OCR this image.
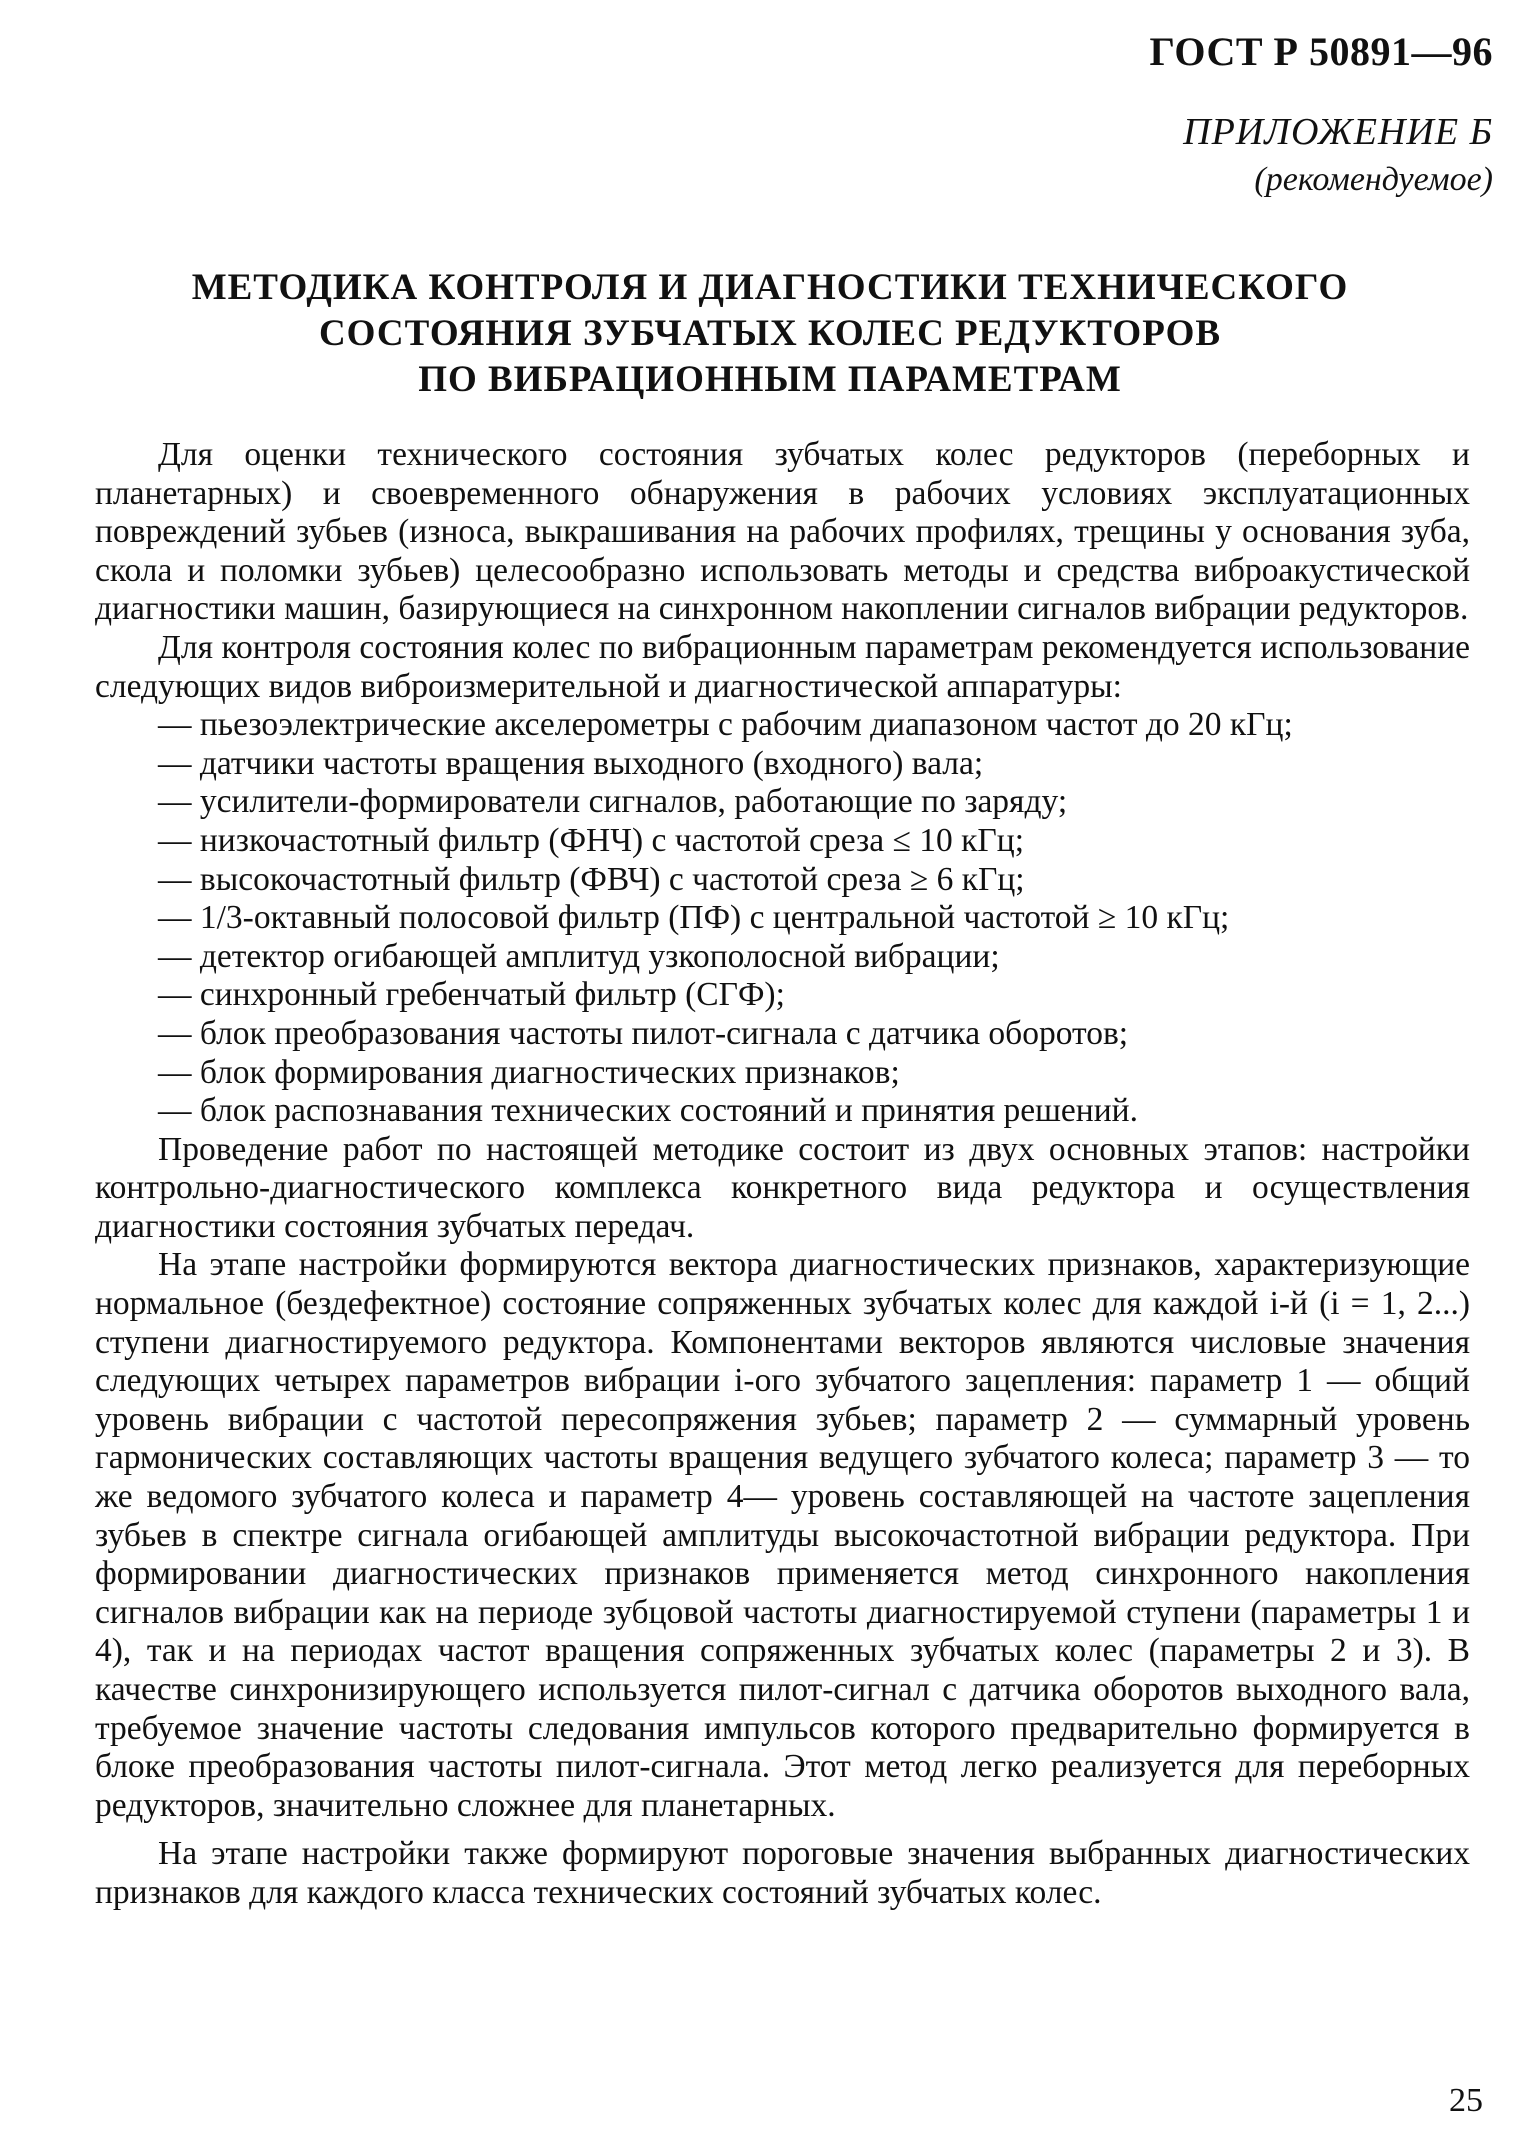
ГОСТ Р 50891—96
ПРИЛОЖЕНИЕ Б
(рекомендуемое)
МЕТОДИКА КОНТРОЛЯ И ДИАГНОСТИКИ ТЕХНИЧЕСКОГО
СОСТОЯНИЯ ЗУБЧАТЫХ КОЛЕС РЕДУКТОРОВ
ПО ВИБРАЦИОННЫМ ПАРАМЕТРАМ

Для оценки технического состояния зубчатых колес редукторов (переборных и планетарных) и своевременного обнаружения в рабочих условиях эксплуатационных повреждений зубьев (износа, выкрашивания на рабочих профилях, трещины у основания зуба, скола и поломки зубьев) целесообразно использовать методы и средства виброакустической диагностики машин, базирующиеся на синхронном накоплении сигналов вибрации редукторов.

Для контроля состояния колес по вибрационным параметрам рекомендуется использование следующих видов виброизмерительной и диагностической аппаратуры:

— пьезоэлектрические акселерометры с рабочим диапазоном частот до 20 кГц;
— датчики частоты вращения выходного (входного) вала;
— усилители-формирователи сигналов, работающие по заряду;
— низкочастотный фильтр (ФНЧ) с частотой среза ≤ 10 кГц;
— высокочастотный фильтр (ФВЧ) с частотой среза ≥ 6 кГц;
— 1/3-октавный полосовой фильтр (ПФ) с центральной частотой ≥ 10 кГц;
— детектор огибающей амплитуд узкополосной вибрации;
— синхронный гребенчатый фильтр (СГФ);
— блок преобразования частоты пилот-сигнала с датчика оборотов;
— блок формирования диагностических признаков;
— блок распознавания технических состояний и принятия решений.

Проведение работ по настоящей методике состоит из двух основных этапов: настройки контрольно-диагностического комплекса конкретного вида редуктора и осуществления диагностики состояния зубчатых передач.

На этапе настройки формируются вектора диагностических признаков, характеризующие нормальное (бездефектное) состояние сопряженных зубчатых колес для каждой i-й (i = 1, 2...) ступени диагностируемого редуктора. Компонентами векторов являются числовые значения следующих четырех параметров вибрации i-ого зубчатого зацепления: параметр 1 — общий уровень вибрации с частотой пересопряжения зубьев; параметр 2 — суммарный уровень гармонических составляющих частоты вращения ведущего зубчатого колеса; параметр 3 — то же ведомого зубчатого колеса и параметр 4— уровень составляющей на частоте зацепления зубьев в спектре сигнала огибающей амплитуды высокочастотной вибрации редуктора. При формировании диагностических признаков применяется метод синхронного накопления сигналов вибрации как на периоде зубцовой частоты диагностируемой ступени (параметры 1 и 4), так и на периодах частот вращения сопряженных зубчатых колес (параметры 2 и 3). В качестве синхронизирующего используется пилот-сигнал с датчика оборотов выходного вала, требуемое значение частоты следования импульсов которого предварительно формируется в блоке преобразования частоты пилот-сигнала. Этот метод легко реализуется для переборных редукторов, значительно сложнее для планетарных.

На этапе настройки также формируют пороговые значения выбранных диагностических признаков для каждого класса технических состояний зубчатых колес.

25
